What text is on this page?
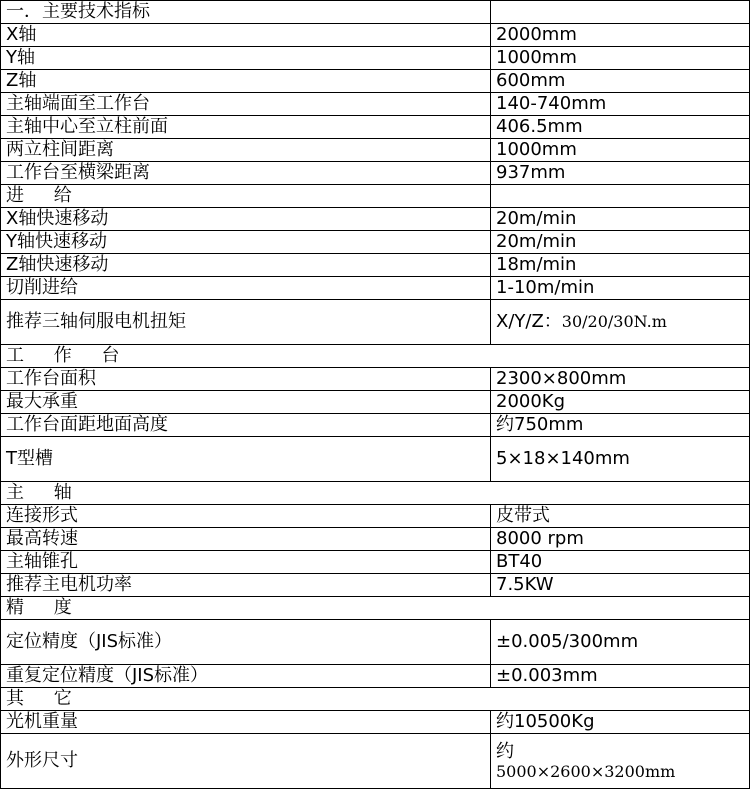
一．主要技术指标	
X轴	2000mm
Y轴	1000mm
Z轴	600mm
主轴端面至工作台	140-740mm
主轴中心至立柱前面	406.5mm
两立柱间距离	1000mm
工作台至横梁距离	937mm
进 给	
X轴快速移动	20m/min
Y轴快速移动	20m/min
Z轴快速移动	18m/min
切削进给	1-10m/min
推荐三轴伺服电机扭矩	X/Y/Z：30/20/30N.m
工 作 台	
工作台面积	2300×800mm
最大承重	2000Kg
工作台面距地面高度	约750mm
T型槽	5×18×140mm
主 轴	
连接形式	皮带式
最高转速	8000 rpm
主轴锥孔	BT40
推荐主电机功率	7.5KW
精 度	
定位精度（JIS标准）	±0.005/300mm
重复定位精度（JIS标准）	±0.003mm
其 它	
光机重量	约10500Kg
外形尺寸	约
5000×2600×3200mm
